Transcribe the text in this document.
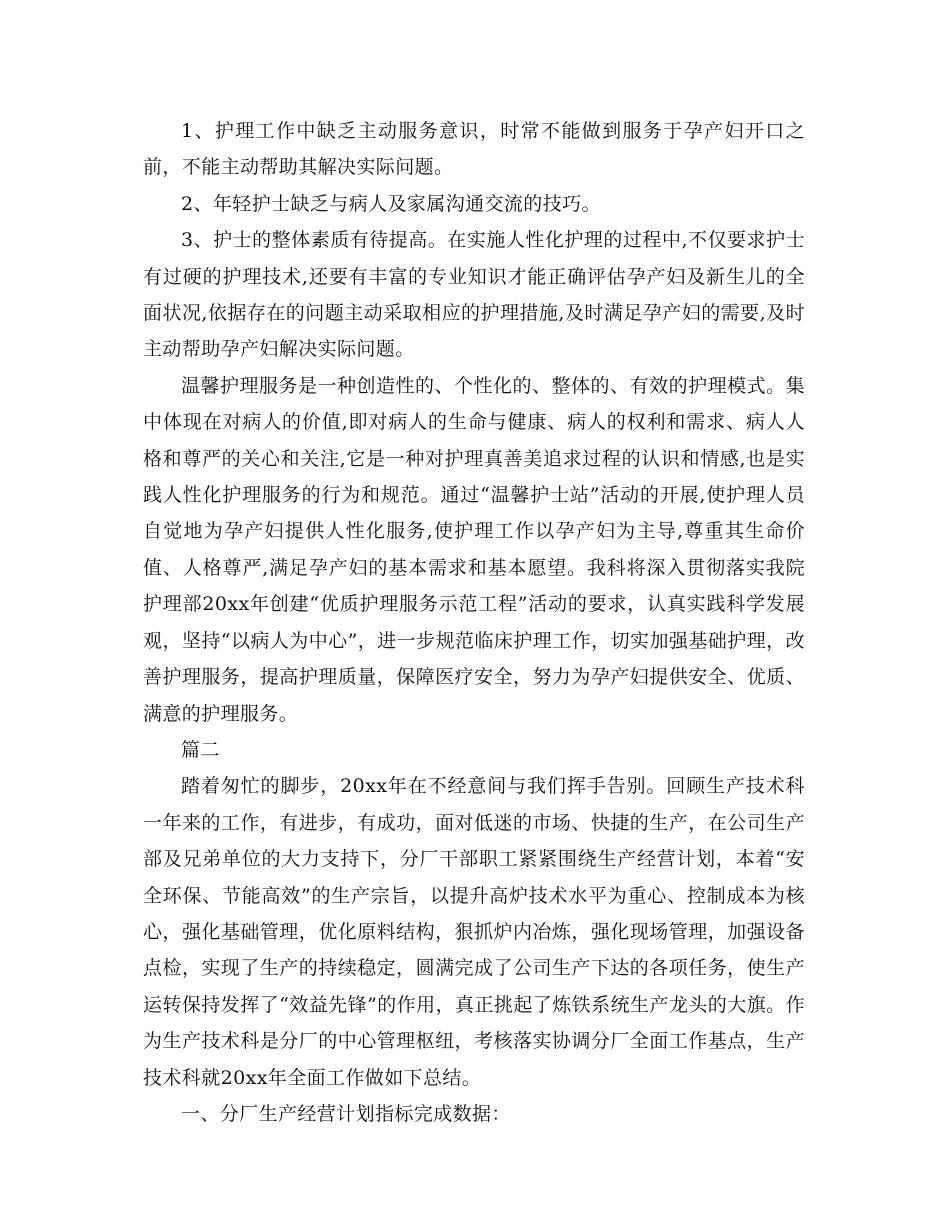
1、护理工作中缺乏主动服务意识，时常不能做到服务于孕产妇开口之前，不能主动帮助其解决实际问题。

2、年轻护士缺乏与病人及家属沟通交流的技巧。

3、护士的整体素质有待提高。在实施人性化护理的过程中,不仅要求护士有过硬的护理技术,还要有丰富的专业知识才能正确评估孕产妇及新生儿的全面状况,依据存在的问题主动采取相应的护理措施,及时满足孕产妇的需要,及时主动帮助孕产妇解决实际问题。

温馨护理服务是一种创造性的、个性化的、整体的、有效的护理模式。集中体现在对病人的价值,即对病人的生命与健康、病人的权利和需求、病人人格和尊严的关心和关注,它是一种对护理真善美追求过程的认识和情感,也是实践人性化护理服务的行为和规范。通过“温馨护士站”活动的开展,使护理人员自觉地为孕产妇提供人性化服务,使护理工作以孕产妇为主导,尊重其生命价值、人格尊严,满足孕产妇的基本需求和基本愿望。我科将深入贯彻落实我院护理部20xx年创建“优质护理服务示范工程”活动的要求，认真实践科学发展观，坚持“以病人为中心”，进一步规范临床护理工作，切实加强基础护理，改善护理服务，提高护理质量，保障医疗安全，努力为孕产妇提供安全、优质、满意的护理服务。

篇二

踏着匆忙的脚步，20xx年在不经意间与我们挥手告别。回顾生产技术科一年来的工作，有进步，有成功，面对低迷的市场、快捷的生产，在公司生产部及兄弟单位的大力支持下，分厂干部职工紧紧围绕生产经营计划，本着“安全环保、节能高效”的生产宗旨，以提升高炉技术水平为重心、控制成本为核心，强化基础管理，优化原料结构，狠抓炉内冶炼，强化现场管理，加强设备点检，实现了生产的持续稳定，圆满完成了公司生产下达的各项任务，使生产运转保持发挥了“效益先锋”的作用，真正挑起了炼铁系统生产龙头的大旗。作为生产技术科是分厂的中心管理枢纽，考核落实协调分厂全面工作基点，生产技术科就20xx年全面工作做如下总结。

一、分厂生产经营计划指标完成数据：
